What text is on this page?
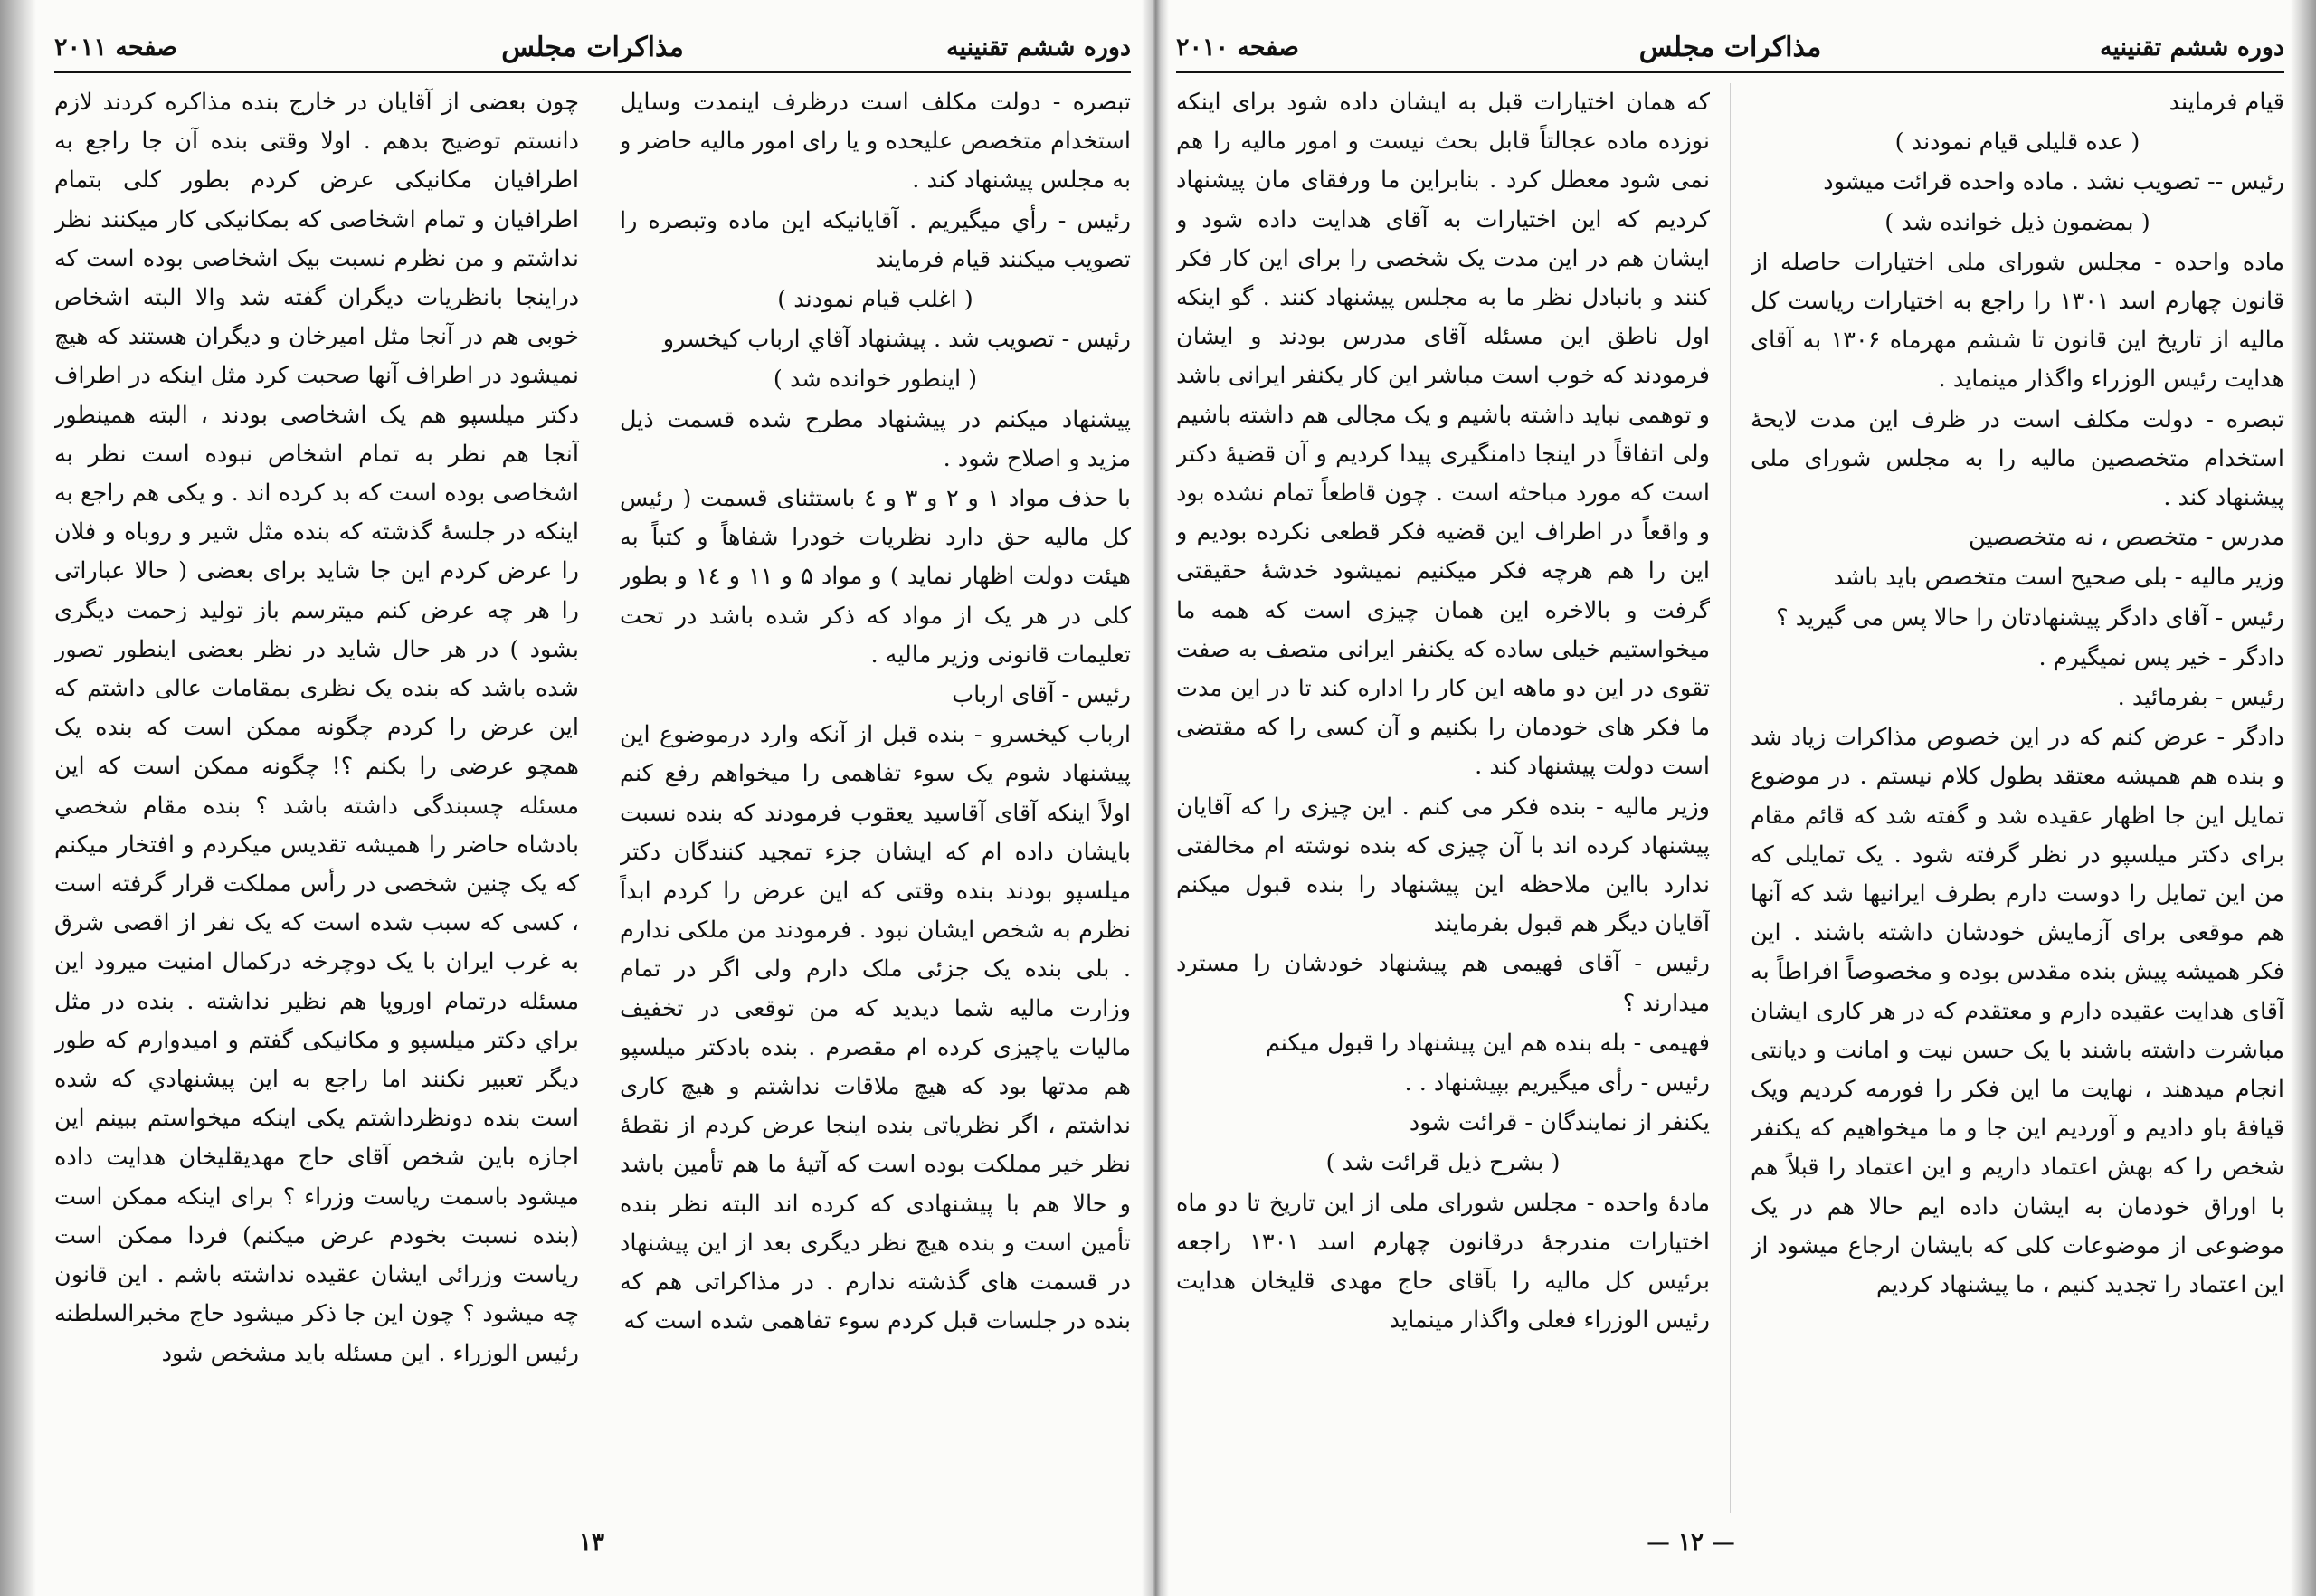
دوره ششم تقنینیه
مذاکرات مجلس
صفحه ۲۰۱۱

تبصره - دولت مکلف است درظرف اینمدت وسایل استخدام متخصص علیحده و یا راى امور مالیه حاضر و به مجلس پیشنهاد کند .

رئیس - رأي ميگيريم . آقايانيكه اين ماده وتبصره را تصويب ميكنند قيام فرمايند

( اغلب قیام نمودند )

رئیس - تصویب شد . پیشنهاد آقاي ارباب کیخسرو

( اینطور خوانده شد )

پیشنهاد میکنم در پیشنهاد مطرح شده قسمت ذیل مزید و اصلاح شود .

با حذف مواد ۱ و ۲ و ۳ و ٤ باستثنای قسمت ( رئیس کل مالیه حق دارد نظریات خودرا شفاهاً و کتباً به هیئت دولت اظهار نماید ) و مواد ۵ و ۱۱ و ۱٤ و بطور کلی در هر یک از مواد که ذکر شده باشد در تحت تعلیمات قانونی وزیر مالیه .

رئیس - آقای ارباب

ارباب کیخسرو - بنده قبل از آنکه وارد درموضوع این پیشنهاد شوم یک سوء تفاهمی را میخواهم رفع کنم اولاً اینکه آقای آقاسید یعقوب فرمودند که بنده نسبت بایشان داده ام که ایشان جزء تمجید کنندگان دکتر میلسپو بودند بنده وقتی که این عرض را کردم ابداً نظرم به شخص ایشان نبود . فرمودند من ملکی ندارم . بلی بنده یک جزئی ملک دارم ولی اگر در تمام وزارت مالیه شما دیدید که من توقعی در تخفیف مالیات یاچیزی کرده ام مقصرم . بنده بادکتر میلسپو هم مدتها بود که هیچ ملاقات نداشتم و هیچ کاری نداشتم ، اگر نظریاتی بنده اینجا عرض کردم از نقطهٔ نظر خیر مملکت بوده است که آتیهٔ ما هم تأمین باشد و حالا هم با پیشنهادی که کرده اند البته نظر بنده تأمین است و بنده هیچ نظر دیگری بعد از این پیشنهاد در قسمت های گذشته ندارم . در مذاکراتی هم که بنده در جلسات قبل کردم سوء تفاهمی شده است که

چون بعضی از آقایان در خارج بنده مذاکره کردند لازم دانستم توضیح بدهم . اولا وقتی بنده آن جا راجع به اطرافیان مکانیکی عرض کردم بطور کلی بتمام اطرافیان و تمام اشخاصی که بمکانیکی کار میکنند نظر نداشتم و من نظرم نسبت بیک اشخاصی بوده است که دراینجا بانظریات دیگران گفته شد والا البته اشخاص خوبی هم در آنجا مثل امیرخان و دیگران هستند که هیچ نمیشود در اطراف آنها صحبت کرد مثل اینکه در اطراف دکتر میلسپو هم یک اشخاصی بودند ، البته همینطور آنجا هم نظر به تمام اشخاص نبوده است نظر به اشخاصی بوده است که بد کرده اند . و یکی هم راجع به اینکه در جلسهٔ گذشته که بنده مثل شیر و روباه و فلان را عرض کردم این جا شاید برای بعضی ( حالا عباراتی را هر چه عرض کنم میترسم باز تولید زحمت دیگری بشود ) در هر حال شاید در نظر بعضی اینطور تصور شده باشد که بنده یک نظری بمقامات عالی داشتم که این عرض را کردم چگونه ممکن است که بنده یک همچو عرضی را بکنم ؟! چگونه ممکن است که این مسئله چسبندگی داشته باشد ؟ بنده مقام شخصي بادشاه حاضر را همیشه تقدیس میکردم و افتخار میکنم که یک چنین شخصی در رأس مملکت قرار گرفته است ، کسی که سبب شده است که یک نفر از اقصی شرق به غرب ایران با یک دوچرخه درکمال امنیت میرود این مسئله درتمام اوروپا هم نظیر نداشته . بنده در مثل براي دکتر میلسپو و مکانیکی گفتم و امیدوارم که طور دیگر تعبیر نکنند اما راجع به این پیشنهادي که شده است بنده دونظرداشتم یکی اینکه میخواستم ببینم این اجازه باین شخص آقای حاج مهدیقلیخان هدایت داده میشود باسمت ریاست وزراء ؟ برای اینکه ممکن است (بنده نسبت بخودم عرض میکنم) فردا ممکن است ریاست وزرائی ایشان عقیده نداشته باشم . این قانون چه میشود ؟ چون این جا ذکر میشود حاج مخبرالسلطنه رئیس الوزراء . این مسئله باید مشخص شود

۱۳
دوره ششم تقنینیه
مذاکرات مجلس
صفحه ۲۰۱۰

قیام فرمایند

( عده قلیلی قیام نمودند )

رئیس -- تصویب نشد . ماده واحده قرائت میشود

( بمضمون ذیل خوانده شد )

ماده واحده - مجلس شورای ملی اختیارات حاصله از قانون چهارم اسد ۱۳۰۱ را راجع به اختیارات ریاست کل مالیه از تاریخ این قانون تا ششم مهرماه ۱۳۰۶ به آقای هدایت رئیس الوزراء واگذار مینماید .

تبصره - دولت مکلف است در ظرف این مدت لایحهٔ استخدام متخصصین مالیه را به مجلس شورای ملی پیشنهاد کند .

مدرس - متخصص ، نه متخصصین

وزیر مالیه - بلی صحیح است متخصص باید باشد

رئیس - آقای دادگر پیشنهادتان را حالا پس می گیرید ؟

دادگر - خیر پس نمیگیرم .

رئیس - بفرمائید .

دادگر - عرض کنم که در این خصوص مذاکرات زیاد شد و بنده هم همیشه معتقد بطول کلام نیستم . در موضوع تمایل این جا اظهار عقیده شد و گفته شد که قائم مقام برای دکتر میلسپو در نظر گرفته شود . یک تمایلی که من این تمایل را دوست دارم بطرف ایرانیها شد که آنها هم موقعی برای آزمایش خودشان داشته باشند . این فکر همیشه پیش بنده مقدس بوده و مخصوصاً افراطاً به آقای هدایت عقیده دارم و معتقدم که در هر کاری ایشان مباشرت داشته باشند با یک حسن نیت و امانت و دیانتی انجام میدهند ، نهایت ما این فکر را فورمه کردیم ویک قیافهٔ باو دادیم و آوردیم این جا و ما میخواهیم که یکنفر شخص را که بهش اعتماد داریم و این اعتماد را قبلاً هم با اوراق خودمان به ایشان داده ایم حالا هم در یک موضوعی از موضوعات کلی که بایشان ارجاع میشود از این اعتماد را تجدید کنیم ، ما پیشنهاد کردیم

که همان اختیارات قبل به ایشان داده شود برای اینکه نوزده ماده عجالتاً قابل بحث نیست و امور مالیه را هم نمی شود معطل کرد . بنابراین ما ورفقای مان پیشنهاد کردیم که این اختیارات به آقای هدایت داده شود و ایشان هم در این مدت یک شخصی را برای این کار فکر کنند و بانبادل نظر ما به مجلس پیشنهاد کنند . گو اینکه اول ناطق این مسئله آقای مدرس بودند و ایشان فرمودند که خوب است مباشر این کار یکنفر ایرانی باشد و توهمی نباید داشته باشیم و یک مجالی هم داشته باشیم ولی اتفاقاً در اینجا دامنگیری پیدا کردیم و آن قضیهٔ دکتر است که مورد مباحثه است . چون قاطعاً تمام نشده بود و واقعاً در اطراف این قضیه فکر قطعی نکرده بودیم و این را هم هرچه فکر میکنیم نمیشود خدشهٔ حقیقتی گرفت و بالاخره این همان چیزی است که همه ما میخواستیم خیلی ساده که یکنفر ایرانی متصف به صفت تقوی در این دو ماهه این کار را اداره کند تا در این مدت ما فکر های خودمان را بکنیم و آن کسی را که مقتضی است دولت پیشنهاد کند .

وزیر مالیه - بنده فکر می کنم . این چیزی را که آقایان پیشنهاد کرده اند با آن چیزی که بنده نوشته ام مخالفتی ندارد بااین ملاحظه این پیشنهاد را بنده قبول میکنم آقایان دیگر هم قبول بفرمایند

رئیس - آقای فهیمی هم پیشنهاد خودشان را مسترد میدارند ؟

فهیمی - بله بنده هم این پیشنهاد را قبول میکنم

رئیس - رأی میگیریم بپیشنهاد . .

یکنفر از نمایندگان - قرائت شود

( بشرح ذیل قرائت شد )

مادهٔ واحده - مجلس شورای ملی از این تاریخ تا دو ماه اختیارات مندرجهٔ درقانون چهارم اسد ۱۳۰۱ راجعه برئیس کل مالیه را بآقای حاج مهدی قلیخان هدایت رئیس الوزراء فعلی واگذار مینماید

— ۱۲ —
